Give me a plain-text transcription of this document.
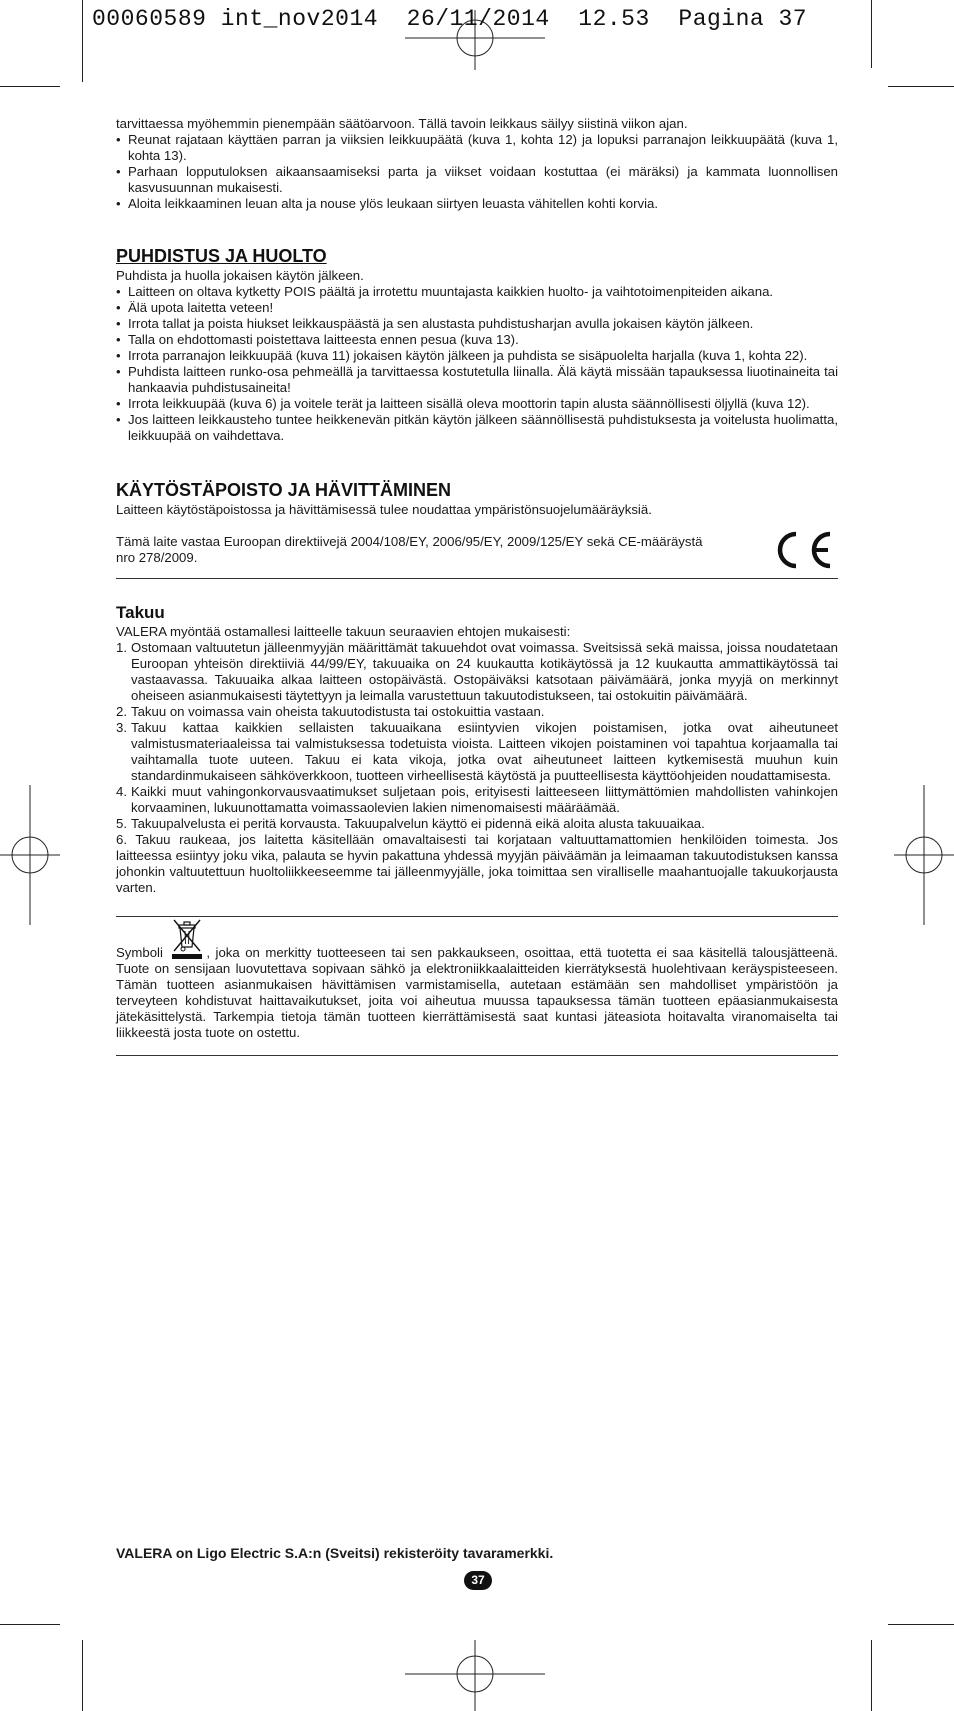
00060589 int_nov2014  26/11/2014  12.53  Pagina 37

tarvittaessa myöhemmin pienempään säätöarvoon. Tällä tavoin leikkaus säilyy siistinä viikon ajan.

• Reunat rajataan käyttäen parran ja viiksien leikkuupäätä (kuva 1, kohta 12) ja lopuksi parranajon leikkuupäätä (kuva 1, kohta 13).
• Parhaan lopputuloksen aikaansaamiseksi parta ja viikset voidaan kostuttaa (ei märäksi) ja kammata luonnollisen kasvusuunnan mukaisesti.
• Aloita leikkaaminen leuan alta ja nouse ylös leukaan siirtyen leuasta vähitellen kohti korvia.
PUHDISTUS JA HUOLTO

Puhdista ja huolla jokaisen käytön jälkeen.

• Laitteen on oltava kytketty POIS päältä ja irrotettu muuntajasta kaikkien huolto- ja vaihtotoimenpiteiden aikana.
• Älä upota laitetta veteen!
• Irrota tallat ja poista hiukset leikkauspäästä ja sen alustasta puhdistusharjan avulla jokaisen käytön jälkeen.
• Talla on ehdottomasti poistettava laitteesta ennen pesua (kuva 13).
• Irrota parranajon leikkuupää (kuva 11) jokaisen käytön jälkeen ja puhdista se sisäpuolelta harjalla (kuva 1, kohta 22).
• Puhdista laitteen runko-osa pehmeällä ja tarvittaessa kostutetulla liinalla. Älä käytä missään tapauksessa liuotinaineita tai hankaavia puhdistusaineita!
• Irrota leikkuupää (kuva 6) ja voitele terät ja laitteen sisällä oleva moottorin tapin alusta säännöllisesti öljyllä (kuva 12).
• Jos laitteen leikkausteho tuntee heikkenevän pitkän käytön jälkeen säännöllisestä puhdistuksesta ja voitelusta huolimatta, leikkuupää on vaihdettava.
KÄYTÖSTÄPOISTO JA HÄVITTÄMINEN

Laitteen käytöstäpoistossa ja hävittämisessä tulee noudattaa ympäristönsuojelumääräyksiä.

Tämä laite vastaa Euroopan direktiivejä 2004/108/EY, 2006/95/EY, 2009/125/EY sekä CE-määräystä nro 278/2009.

Takuu

VALERA myöntää ostamallesi laitteelle takuun seuraavien ehtojen mukaisesti:

1. Ostomaan valtuutetun jälleenmyyjän määrittämät takuuehdot ovat voimassa. Sveitsissä sekä maissa, joissa noudatetaan Euroopan yhteisön direktiiviä 44/99/EY, takuuaika on 24 kuukautta kotikäytössä ja 12 kuukautta ammattikäytössä tai vastaavassa. Takuuaika alkaa laitteen ostopäivästä. Ostopäiväksi katsotaan päivämäärä, jonka myyjä on merkinnyt oheiseen asianmukaisesti täytettyyn ja leimalla varustettuun takuutodistukseen, tai ostokuitin päivämäärä.
2. Takuu on voimassa vain oheista takuutodistusta tai ostokuittia vastaan.
3. Takuu kattaa kaikkien sellaisten takuuaikana esiintyvien vikojen poistamisen, jotka ovat aiheutuneet valmistusmateriaaleissa tai valmistuksessa todetuista vioista. Laitteen vikojen poistaminen voi tapahtua korjaamalla tai vaihtamalla tuote uuteen. Takuu ei kata vikoja, jotka ovat aiheutuneet laitteen kytkemisestä muuhun kuin standardinmukaiseen sähköverkkoon, tuotteen virheellisestä käytöstä ja puutteellisesta käyttöohjeiden noudattamisesta.
4. Kaikki muut vahingonkorvausvaatimukset suljetaan pois, erityisesti laitteeseen liittymättömien mahdollisten vahinkojen korvaaminen, lukuunottamatta voimassaolevien lakien nimenomaisesti määräämää.
5. Takuupalvelusta ei peritä korvausta. Takuupalvelun käyttö ei pidennä eikä aloita alusta takuuaikaa.

6. Takuu raukeaa, jos laitetta käsitellään omavaltaisesti tai korjataan valtuuttamattomien henkilöiden toimesta. Jos laitteessa esiintyy joku vika, palauta se hyvin pakattuna yhdessä myyjän päiväämän ja leimaaman takuutodistuksen kanssa johonkin valtuutettuun huoltoliikkeeseemme tai jälleenmyyjälle, joka toimittaa sen viralliselle maahantuojalle takuukorjausta varten.

Symboli	, joka on merkitty tuotteeseen tai sen pakkaukseen, osoittaa, että tuotetta ei saa käsitellä talousjätteenä. Tuote on sensijaan luovutettava sopivaan sähkö ja elektroniikkaalaitteiden kierrätyksestä huolehtivaan keräyspisteeseen. Tämän tuotteen asianmukaisen hävittämisen varmistamisella, autetaan estämään sen mahdolliset ympäristöön ja terveyteen kohdistuvat haittavaikutukset, joita voi aiheutua muussa tapauksessa tämän tuotteen epäasianmukaisesta jätekäsittelystä. Tarkempia tietoja tämän tuotteen kierrättämisestä saat kuntasi jäteasiota hoitavalta viranomaiselta tai liikkeestä josta tuote on ostettu.

VALERA on Ligo Electric S.A:n (Sveitsi) rekisteröity tavaramerkki.
37
